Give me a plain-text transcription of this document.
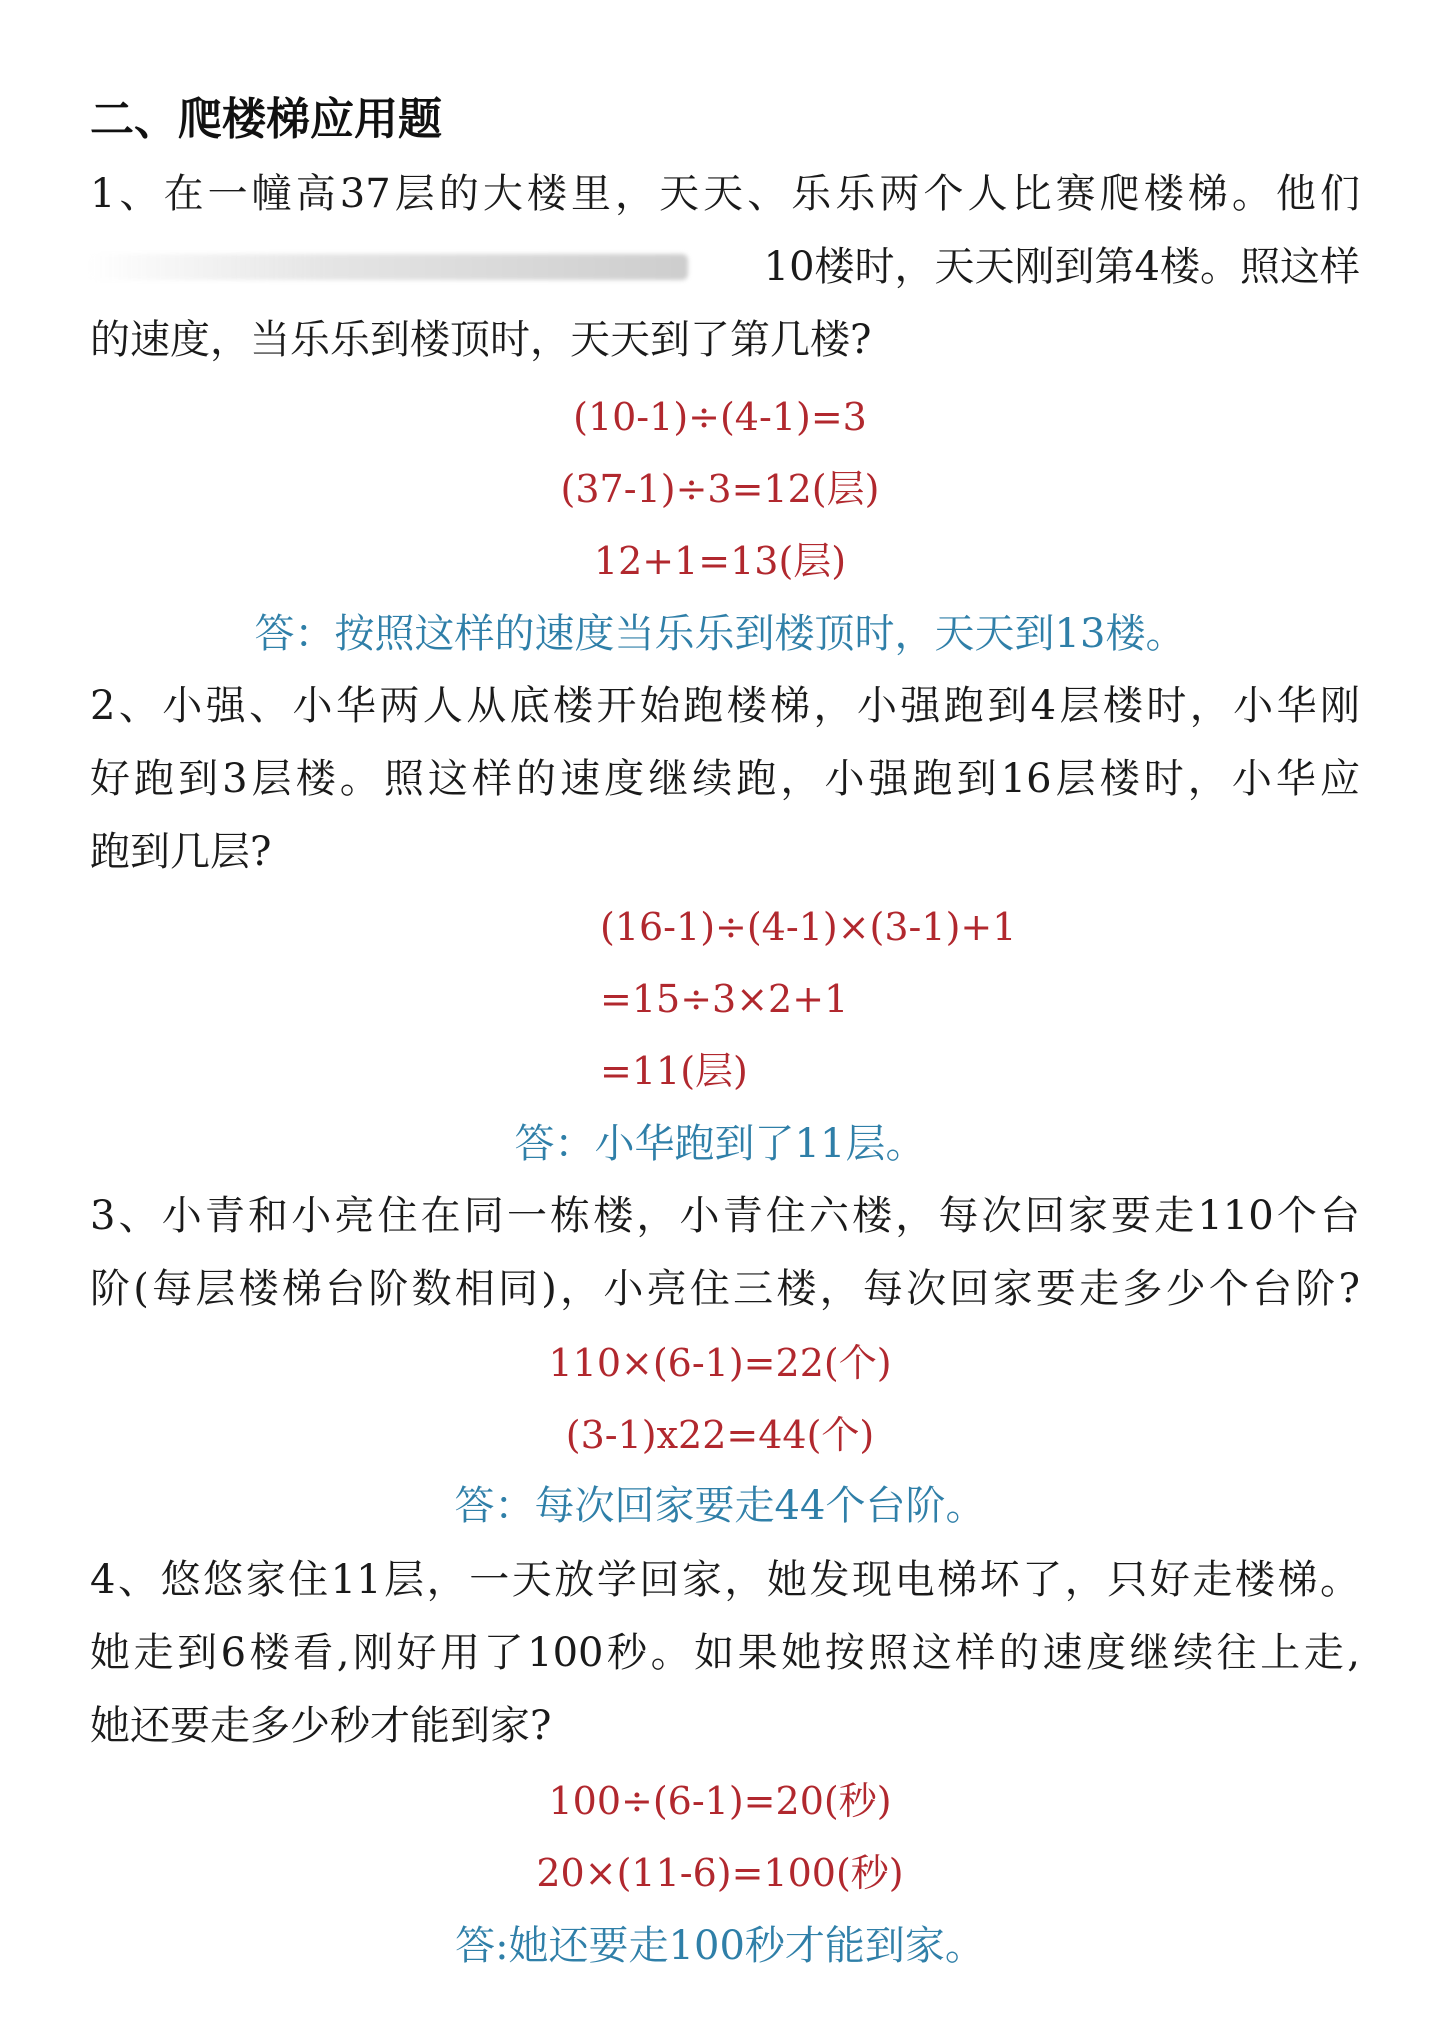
二、爬楼梯应用题
1、在一幢高37层的大楼里，天天、乐乐两个人比赛爬楼梯。他们
10楼时，天天刚到第4楼。照这样
的速度，当乐乐到楼顶时，天天到了第几楼?
(10-1)÷(4-1)=3
(37-1)÷3=12(层)
12+1=13(层)
答：按照这样的速度当乐乐到楼顶时，天天到13楼。
2、小强、小华两人从底楼开始跑楼梯，小强跑到4层楼时，小华刚
好跑到3层楼。照这样的速度继续跑，小强跑到16层楼时，小华应
跑到几层?
(16-1)÷(4-1)×(3-1)+1
=15÷3×2+1
=11(层)
答：小华跑到了11层。
3、小青和小亮住在同一栋楼，小青住六楼，每次回家要走110个台
阶(每层楼梯台阶数相同)，小亮住三楼，每次回家要走多少个台阶?
110×(6-1)=22(个)
(3-1)x22=44(个)
答：每次回家要走44个台阶。
4、悠悠家住11层，一天放学回家，她发现电梯坏了，只好走楼梯。
她走到6楼看,刚好用了100秒。如果她按照这样的速度继续往上走,
她还要走多少秒才能到家?
100÷(6-1)=20(秒)
20×(11-6)=100(秒)
答:她还要走100秒才能到家。
